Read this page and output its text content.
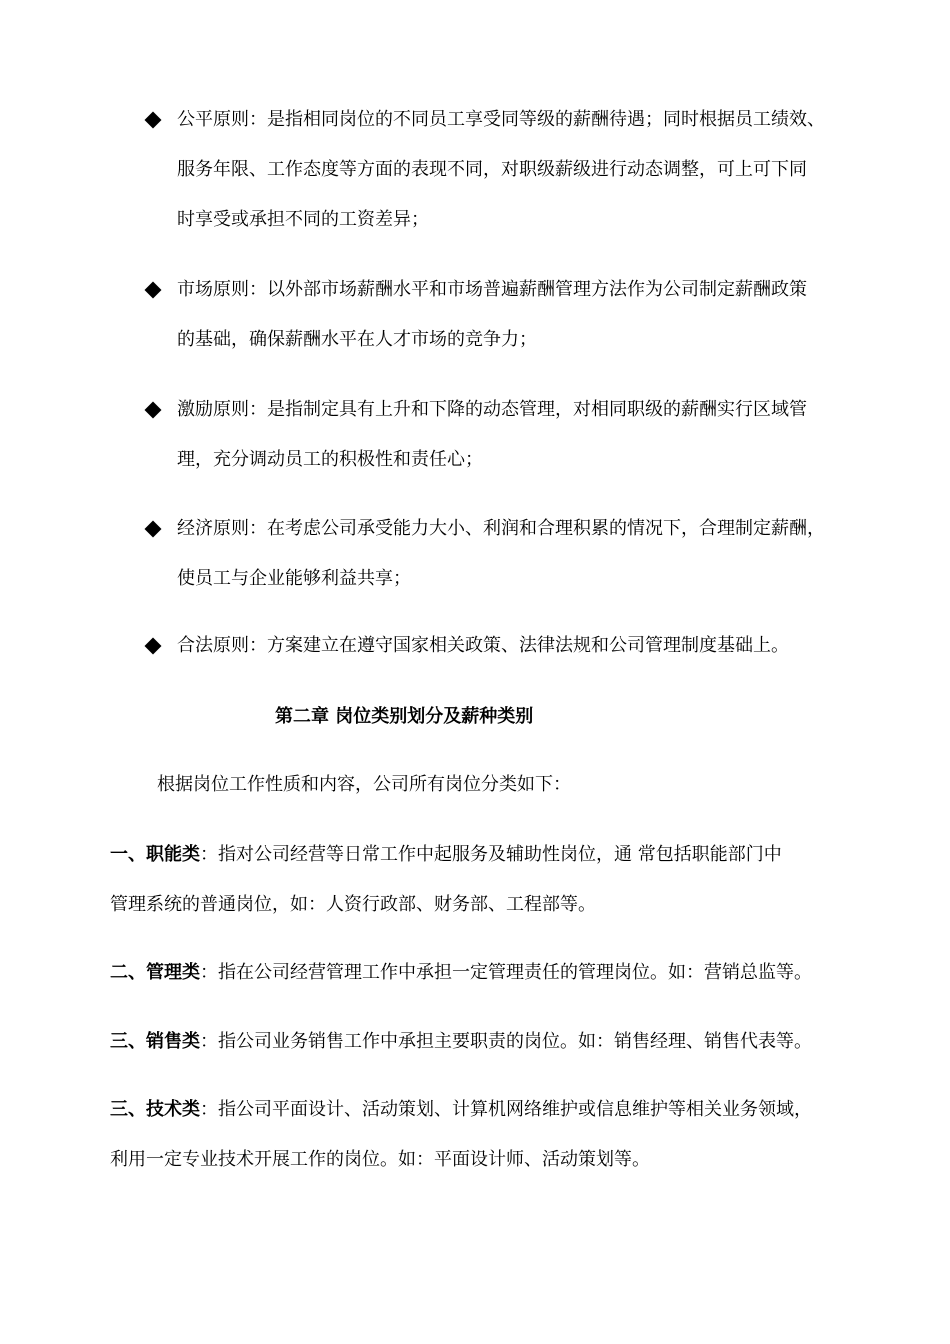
公平原则：是指相同岗位的不同员工享受同等级的薪酬待遇；同时根据员工绩效、
服务年限、工作态度等方面的表现不同，对职级薪级进行动态调整，可上可下同
时享受或承担不同的工资差异；
市场原则：以外部市场薪酬水平和市场普遍薪酬管理方法作为公司制定薪酬政策
的基础，确保薪酬水平在人才市场的竞争力；
激励原则：是指制定具有上升和下降的动态管理，对相同职级的薪酬实行区域管
理，充分调动员工的积极性和责任心；
经济原则：在考虑公司承受能力大小、利润和合理积累的情况下，合理制定薪酬，
使员工与企业能够利益共享；
合法原则：方案建立在遵守国家相关政策、法律法规和公司管理制度基础上。
第二章 岗位类别划分及薪种类别
根据岗位工作性质和内容，公司所有岗位分类如下：
一、职能类：指对公司经营等日常工作中起服务及辅助性岗位，通 常包括职能部门中
管理系统的普通岗位，如：人资行政部、财务部、工程部等。
二、管理类：指在公司经营管理工作中承担一定管理责任的管理岗位。如：营销总监等。
三、销售类：指公司业务销售工作中承担主要职责的岗位。如：销售经理、销售代表等。
三、技术类：指公司平面设计、活动策划、计算机网络维护或信息维护等相关业务领域，
利用一定专业技术开展工作的岗位。如：平面设计师、活动策划等。
